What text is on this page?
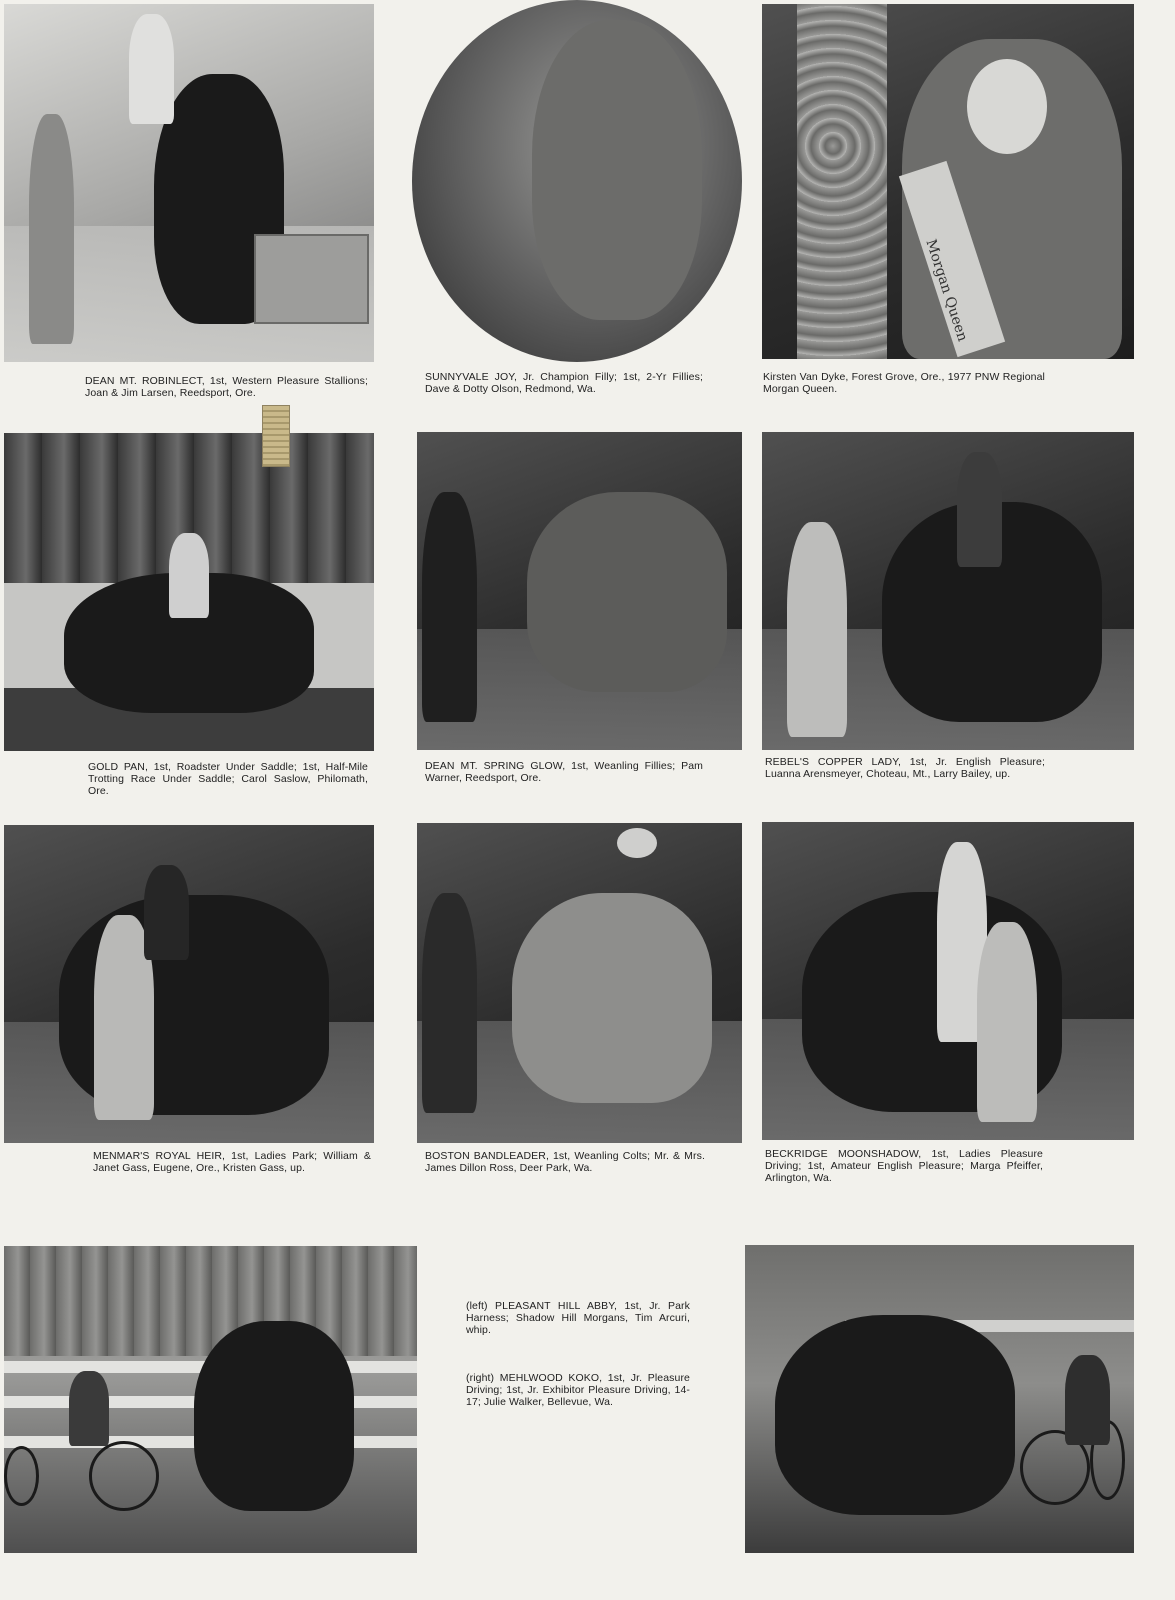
Morgan Queen
DEAN MT. ROBINLECT, 1st, Western Pleasure Stallions; Joan & Jim Larsen, Reedsport, Ore.
SUNNYVALE JOY, Jr. Champion Filly; 1st, 2-Yr Fillies; Dave & Dotty Olson, Redmond, Wa.
Kirsten Van Dyke, Forest Grove, Ore., 1977 PNW Regional Morgan Queen.
GOLD PAN, 1st, Roadster Under Saddle; 1st, Half-Mile Trotting Race Under Saddle; Carol Saslow, Philomath, Ore.
DEAN MT. SPRING GLOW, 1st, Weanling Fillies; Pam Warner, Reedsport, Ore.
REBEL'S COPPER LADY, 1st, Jr. English Pleasure; Luanna Arensmeyer, Choteau, Mt., Larry Bailey, up.
MENMAR'S ROYAL HEIR, 1st, Ladies Park; William & Janet Gass, Eugene, Ore., Kristen Gass, up.
BOSTON BANDLEADER, 1st, Weanling Colts; Mr. & Mrs. James Dillon Ross, Deer Park, Wa.
BECKRIDGE MOONSHADOW, 1st, Ladies Pleasure Driving; 1st, Amateur English Pleasure; Marga Pfeiffer, Arlington, Wa.
(left) PLEASANT HILL ABBY, 1st, Jr. Park Harness; Shadow Hill Morgans, Tim Arcuri, whip.
(right) MEHLWOOD KOKO, 1st, Jr. Pleasure Driving; 1st, Jr. Exhibitor Pleasure Driving, 14-17; Julie Walker, Bellevue, Wa.
